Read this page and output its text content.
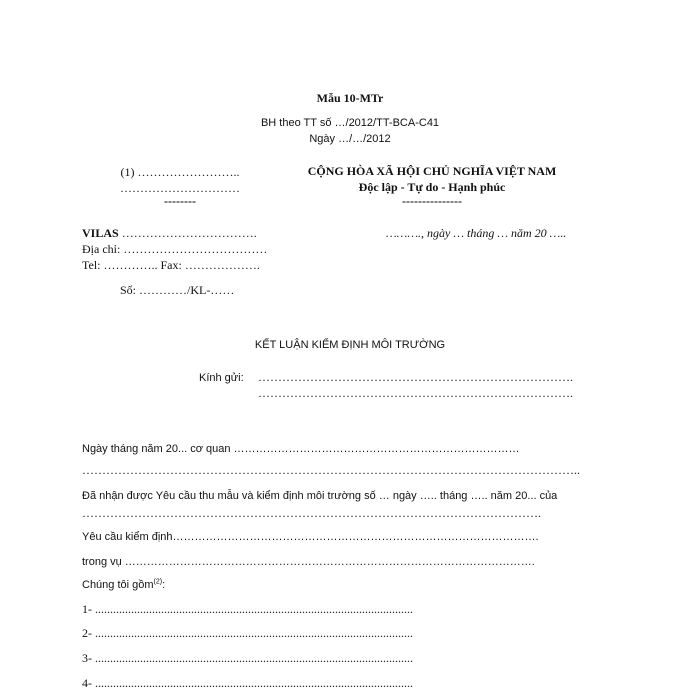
Mẫu 10-MTr
BH theo TT số …/2012/TT-BCA-C41
Ngày …/…/2012
(1) ……………………..
…………………………
--------
CỘNG HÒA XÃ HỘI CHỦ NGHĨA VIỆT NAM
Độc lập - Tự do - Hạnh phúc
---------------
VILAS …………………………….	………., ngày … tháng … năm 20 …..
Địa chỉ: ………………………………
Tel: ………….. Fax: ……………….
Số: …………/KL-……
KẾT LUẬN KIỂM ĐỊNH MÔI TRƯỜNG
Kính gửi: …………………………………………………………………….
…………………………………………………………………….
Ngày tháng năm 20... cơ quan ……………………………………………………………………
……………………………………………………………………………………………………………..
Đã nhận được Yêu cầu thu mẫu và kiểm định môi trường số … ngày ….. tháng ….. năm 20... của
…………………………………………………………………………………………………….
Yêu cầu kiểm định……………………………………………………………………………………….
trong vụ ………………………………………………………………………………………………….
Chúng tôi gồm$^{(2)}$:
1- ..........................................................................................................
2- ..........................................................................................................
3- ..........................................................................................................
4- ..........................................................................................................
